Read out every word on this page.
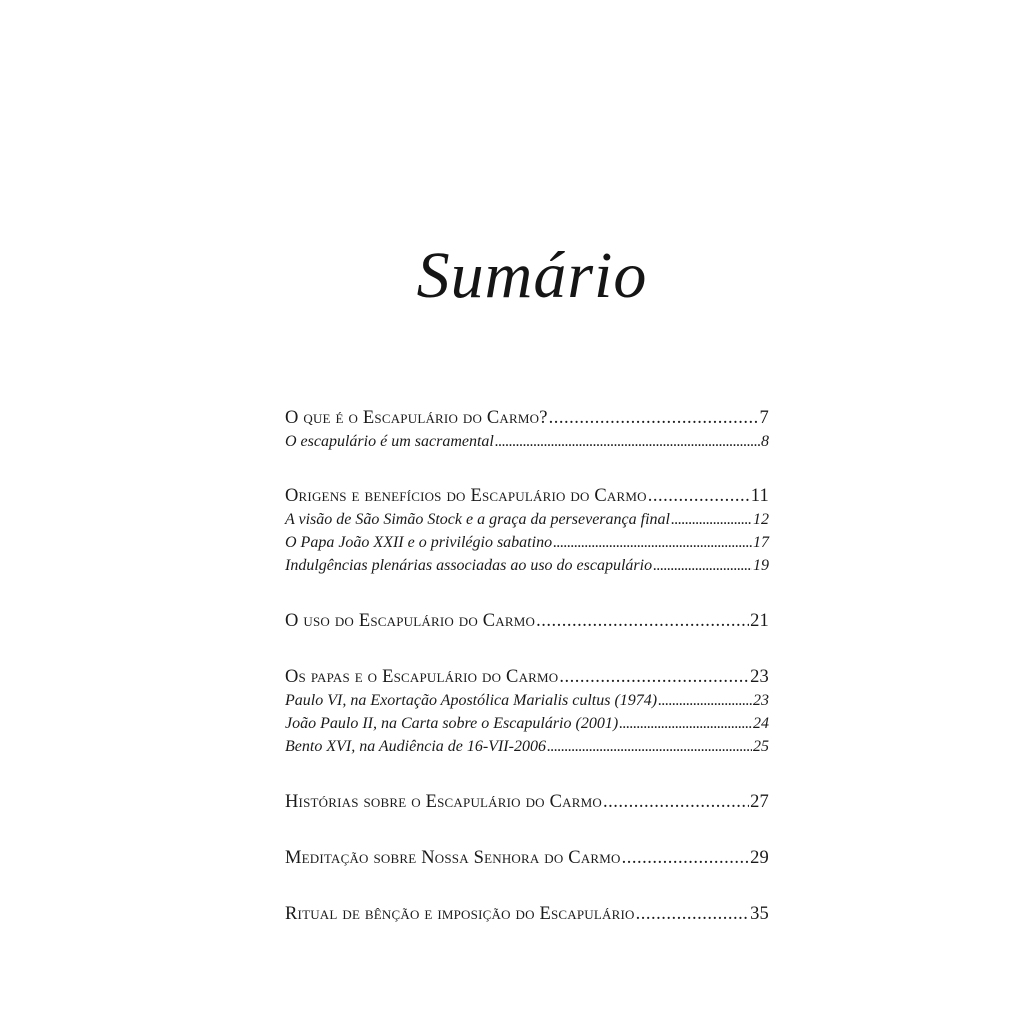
Sumário
O que é o Escapulário do Carmo? .....	7
O escapulário é um sacramental .....	8
Origens e benefícios do Escapulário do Carmo .....	11
A visão de São Simão Stock e a graça da perseverança final .....	12
O Papa João XXII e o privilégio sabatino .....	17
Indulgências plenárias associadas ao uso do escapulário .....	19
O uso do Escapulário do Carmo .....	21
Os papas e o Escapulário do Carmo .....	23
Paulo VI, na Exortação Apostólica Marialis cultus (1974) .....	23
João Paulo II, na Carta sobre o Escapulário (2001) .....	24
Bento XVI, na Audiência de 16-VII-2006 .....	25
Histórias sobre o Escapulário do Carmo .....	27
Meditação sobre Nossa Senhora do Carmo .....	29
Ritual de bênção e imposição do Escapulário .....	35
